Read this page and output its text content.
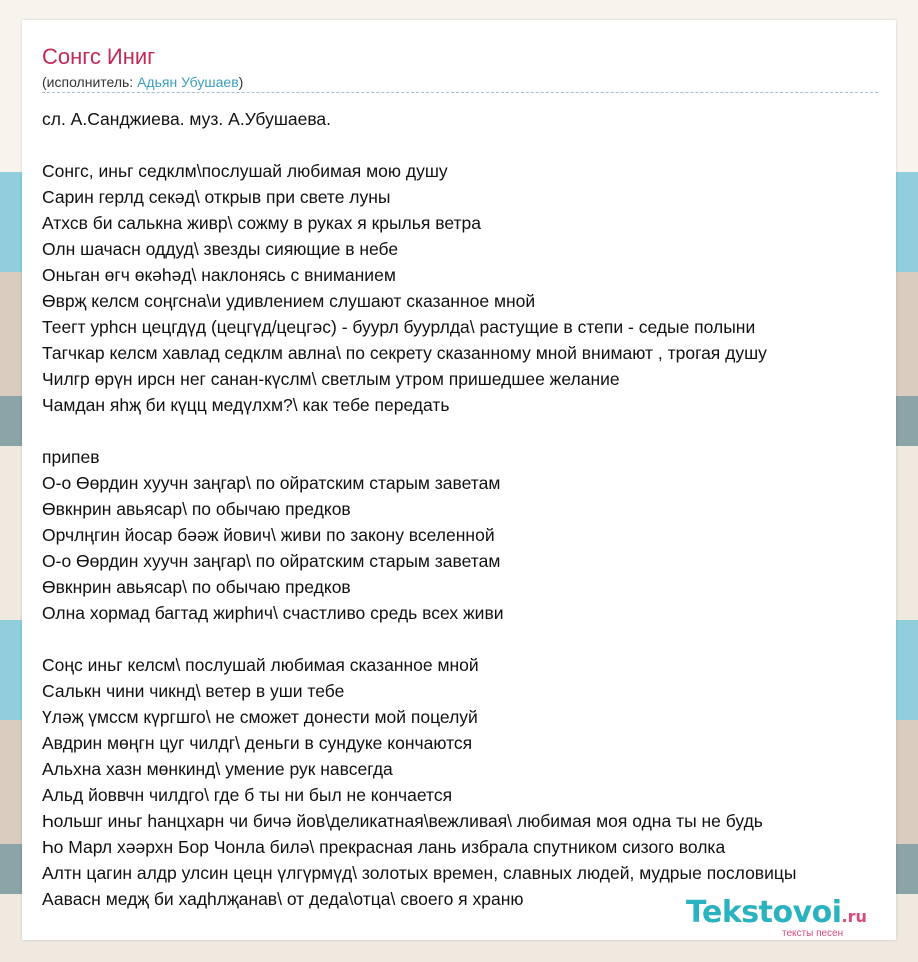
Сонгс Иниг
(исполнитель: Адьян Убушаев)
сл. А.Санджиева. муз. А.Убушаева.
Сонгс, иньг седклм\послушай любимая мою душу
Сарин герлд секәд\ открыв при свете луны
Атхсв би салькна живр\ сожму в руках я крылья ветра
Олн шачасн оддуд\ звезды сияющие в небе
Оньган өгч өкәһәд\ наклонясь с вниманием
Өврҗ келсм соңгсна\и удивлением слушают сказанное мной
Теегт урһсн цецгдүд (цецгүд/цецгәс) - буурл буурлда\ растущие в степи - седые полыни
Тагчкар келсм хавлад седклм авлна\ по секрету сказанному мной внимают , трогая душу
Чилгр өрүн ирсн нег санан-күслм\ светлым утром пришедшее желание
Чамдан яһҗ би күцц медүлхм?\ как тебе передать
припев
О-о Өөрдин хуучн заңгар\ по ойратским старым заветам
Өвкнрин авьясар\ по обычаю предков
Орчлңгин йосар бәәж йович\ живи по закону вселенной
О-о Өөрдин хуучн заңгар\ по ойратским старым заветам
Өвкнрин авьясар\ по обычаю предков
Олна хормад багтад жирһич\ счастливо средь всех живи
Соңс иньг келсм\ послушай любимая сказанное мной
Салькн чини чикнд\ ветер в уши тебе
Үләҗ үмссм күргшго\ не сможет донести мой поцелуй
Авдрин мөңгн цуг чилдг\ деньги в сундуке кончаются
Альхна хазн мөнкинд\ умение рук навсегда
Альд йоввчн чилдго\ где б ты ни был не кончается
Һольшг иньг һанцхарн чи бичә йов\деликатная\вежливая\ любимая моя одна ты не будь
Һо Марл хәәрхн Бор Чонла билә\ прекрасная лань избрала спутником сизого волка
Алтн цагин алдр улсин цецн үлгүрмүд\ золотых времен, славных людей, мудрые пословицы
Аавасн медҗ би хадһлҗанав\ от деда\отца\ своего я храню	Tekstovoi.ru
тексты песен
